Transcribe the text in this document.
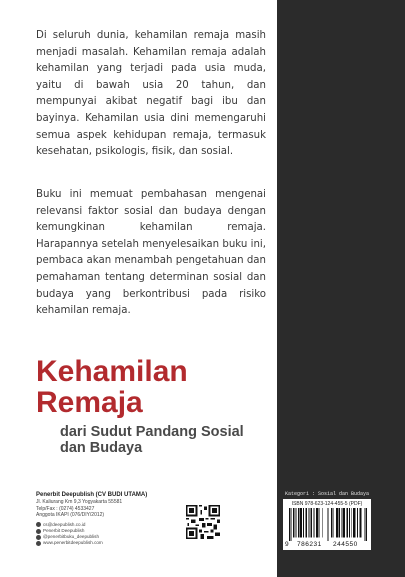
Di seluruh dunia, kehamilan remaja masih menjadi masalah. Kehamilan remaja adalah kehamilan yang terjadi pada usia muda, yaitu di bawah usia 20 tahun, dan mempunyai akibat negatif bagi ibu dan bayinya. Kehamilan usia dini memengaruhi semua aspek kehidupan remaja, termasuk kesehatan, psikologis, fisik, dan sosial.

Buku ini memuat pembahasan mengenai relevansi faktor sosial dan budaya dengan kemungkinan kehamilan remaja. Harapannya setelah menyelesaikan buku ini, pembaca akan menambah pengetahuan dan pemahaman tentang determinan sosial dan budaya yang berkontribusi pada risiko kehamilan remaja.

Kehamilan
Remaja
dari Sudut Pandang Sosial
dan Budaya
Penerbit Deepublish (CV BUDI UTAMA)
Jl. Kaliurang Km 9,3 Yogyakarta 55581
Telp/Fax : (0274) 4533427
Anggota IKAPI (076/DIY/2012)
cs@deepublish.co.id
Penerbit Deepublish
@penerbitbuku_deepublish
www.penerbitdeepublish.com
Kategori : Sosial dan Budaya
ISBN 978-623-124-455-5 (PDF)
9 786231 244550
